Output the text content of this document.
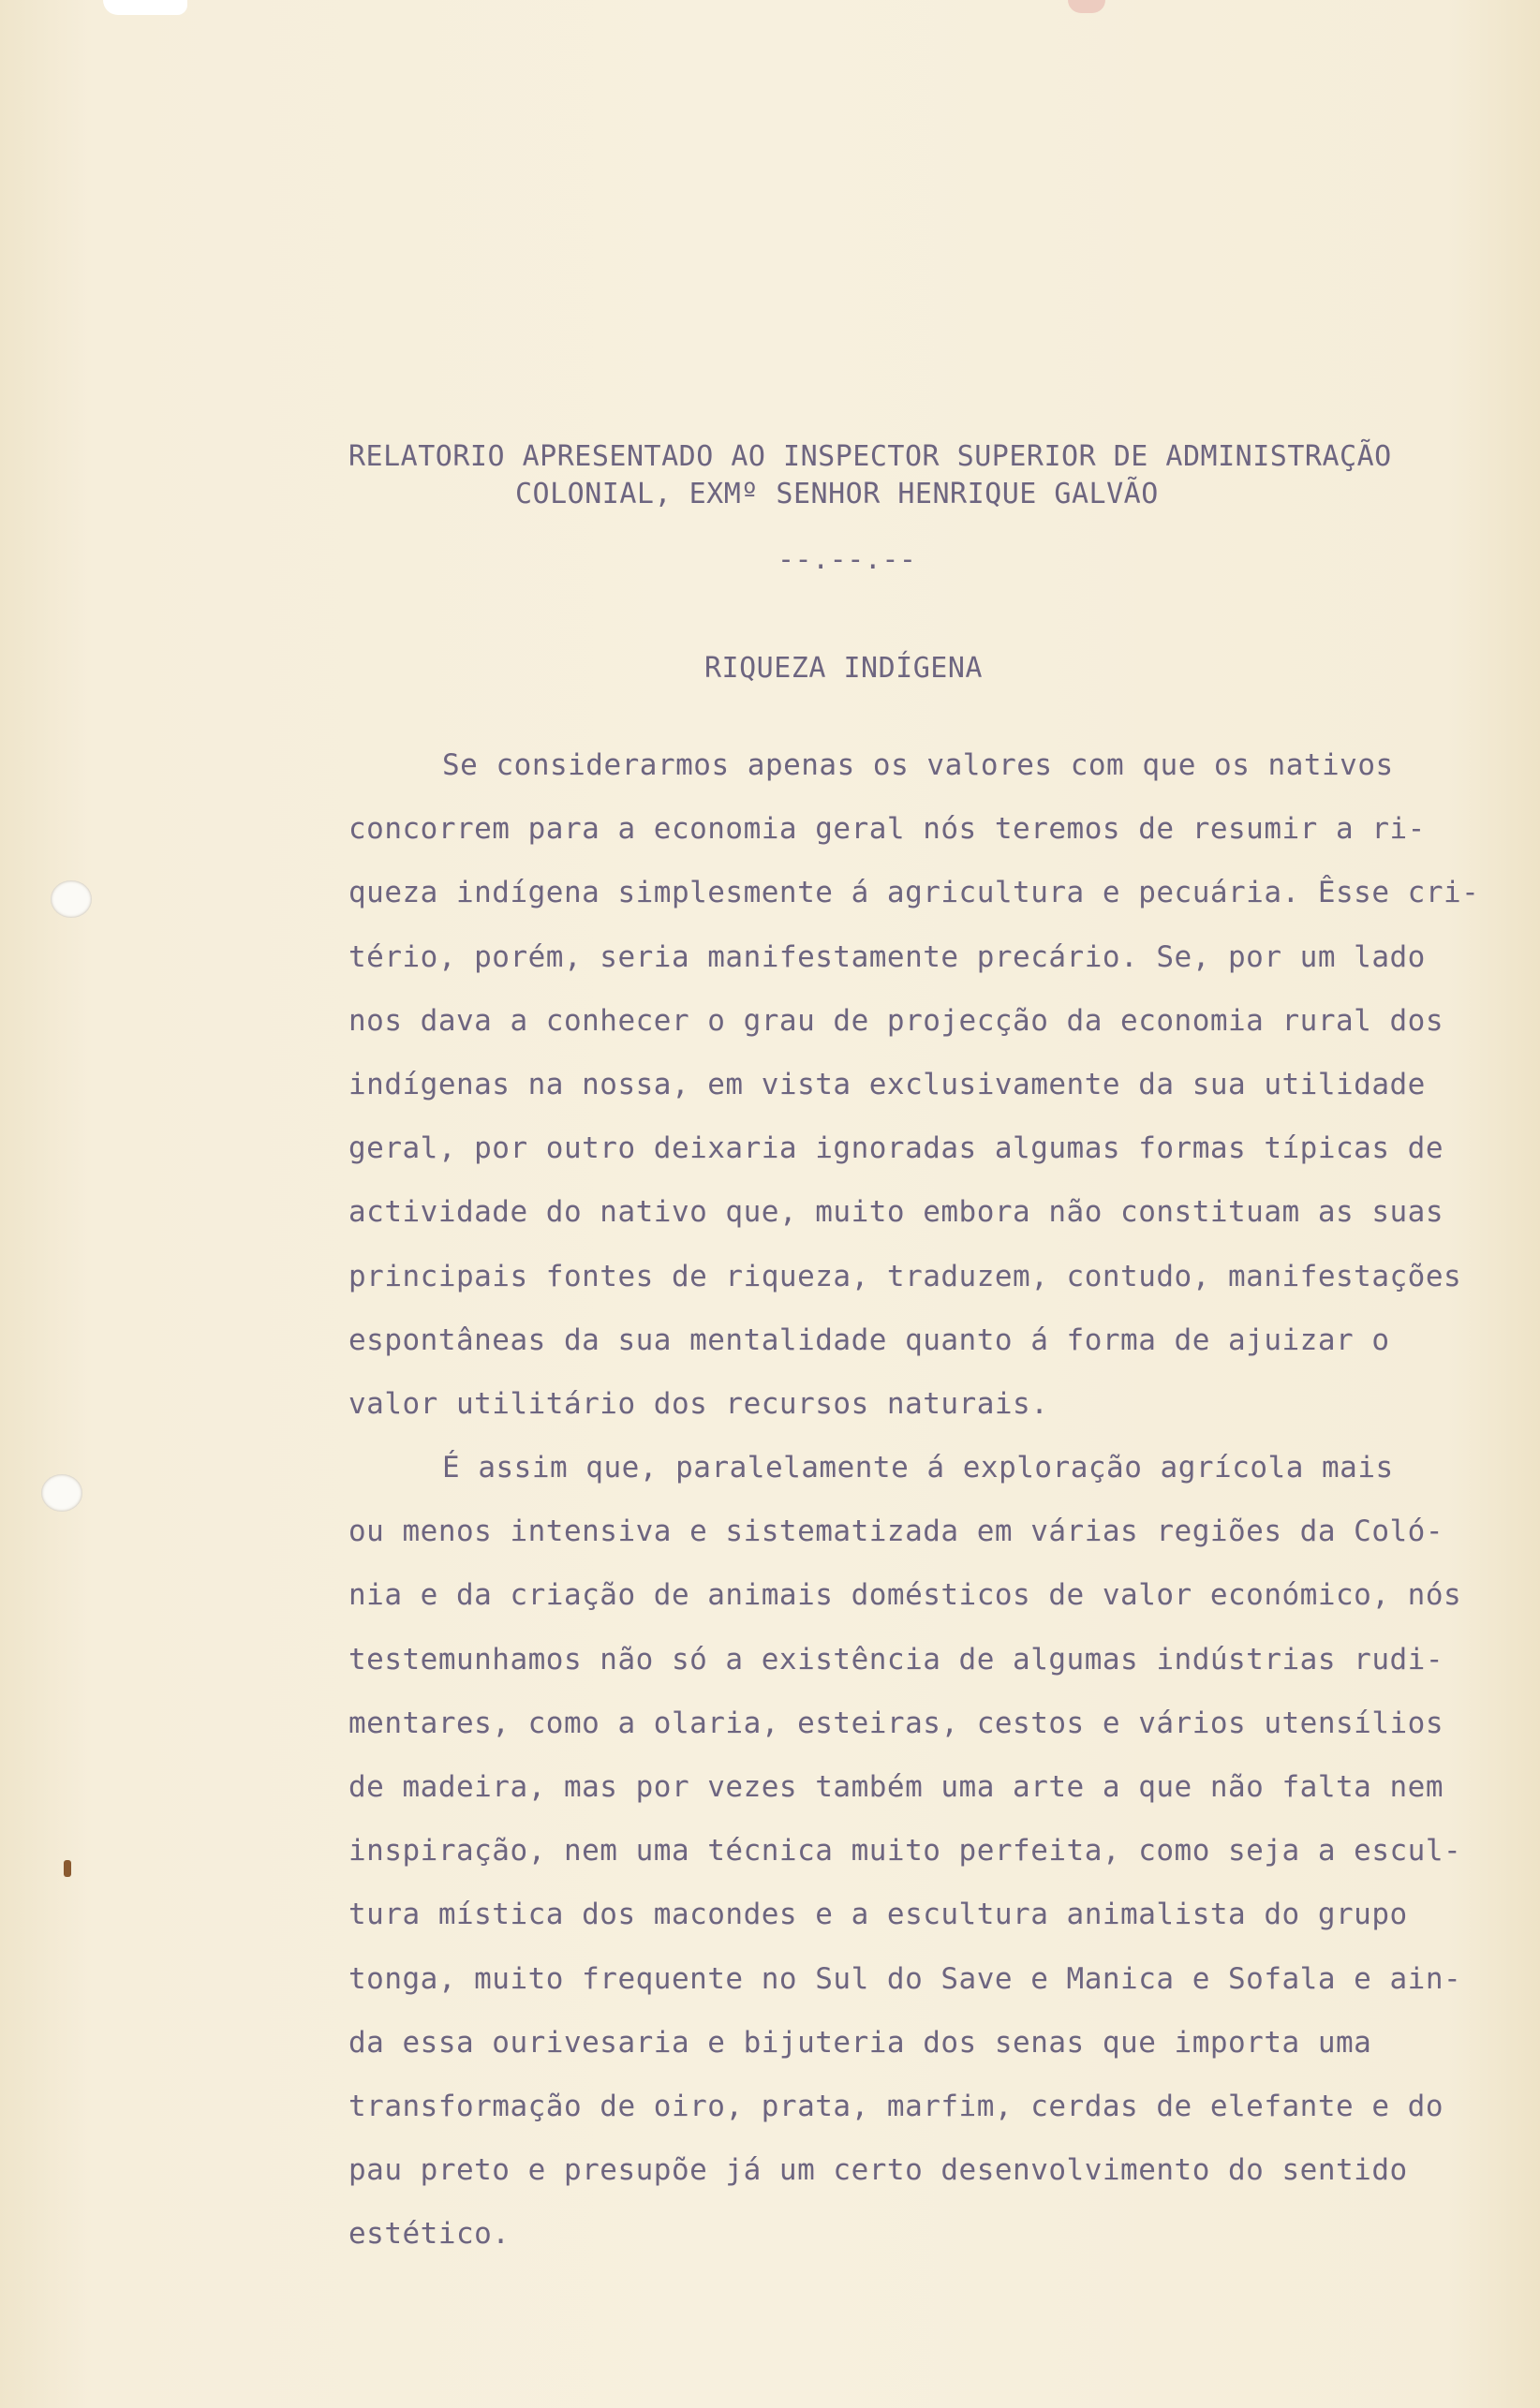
RELATORIO APRESENTADO AO INSPECTOR SUPERIOR DE ADMINISTRAÇÃO
COLONIAL, EXMº SENHOR HENRIQUE GALVÃO
--.--.--
RIQUEZA INDÍGENA
Se considerarmos apenas os valores com que os nativos
concorrem para a economia geral nós teremos de resumir a ri-
queza indígena simplesmente á agricultura e pecuária. Êsse cri-
tério, porém, seria manifestamente precário. Se, por um lado
nos dava a conhecer o grau de projecção da economia rural dos
indígenas na nossa, em vista exclusivamente da sua utilidade
geral, por outro deixaria ignoradas algumas formas típicas de
actividade do nativo que, muito embora não constituam as suas
principais fontes de riqueza, traduzem, contudo, manifestações
espontâneas da sua mentalidade quanto á forma de ajuizar o
valor utilitário dos recursos naturais.
É assim que, paralelamente á exploração agrícola mais
ou menos intensiva e sistematizada em várias regiões da Coló-
nia e da criação de animais domésticos de valor económico, nós
testemunhamos não só a existência de algumas indústrias rudi-
mentares, como a olaria, esteiras, cestos e vários utensílios
de madeira, mas por vezes também uma arte a que não falta nem
inspiração, nem uma técnica muito perfeita, como seja a escul-
tura mística dos macondes e a escultura animalista do grupo
tonga, muito frequente no Sul do Save e Manica e Sofala e ain-
da essa ourivesaria e bijuteria dos senas que importa uma
transformação de oiro, prata, marfim, cerdas de elefante e do
pau preto e presupõe já um certo desenvolvimento do sentido
estético.
